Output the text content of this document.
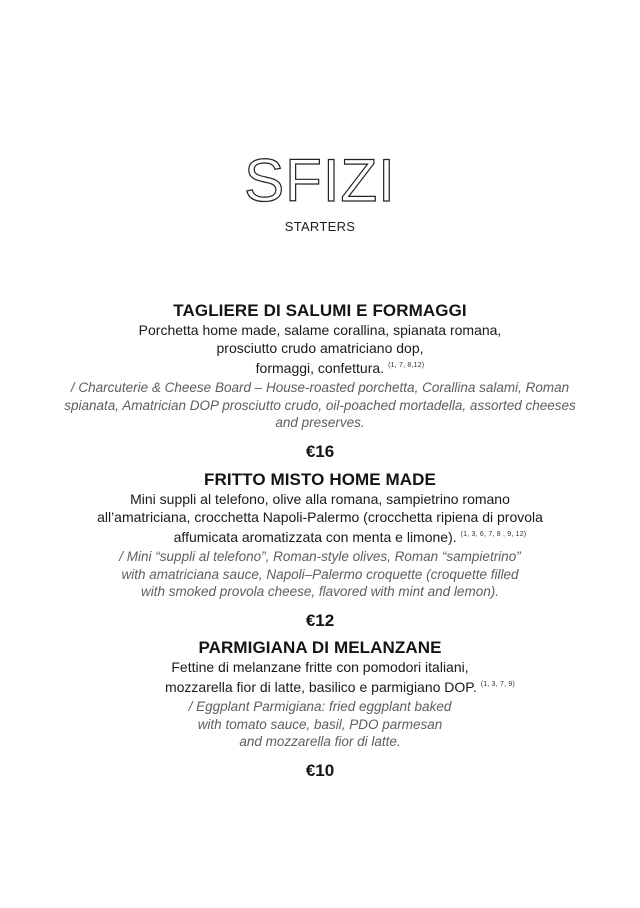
SFIZI
STARTERS
TAGLIERE DI SALUMI E FORMAGGI
Porchetta home made, salame corallina, spianata romana,
prosciutto crudo amatriciano dop,
formaggi, confettura. $^{(1, 7, 8,12)}$
/ Charcuterie & Cheese Board – House-roasted porchetta, Corallina salami, Roman
spianata, Amatrician DOP prosciutto crudo, oil-poached mortadella, assorted cheeses
and preserves.
€16
FRITTO MISTO HOME MADE
Mini suppli al telefono, olive alla romana, sampietrino romano
all’amatriciana, crocchetta Napoli-Palermo (crocchetta ripiena di provola
affumicata aromatizzata con menta e limone). $^{(1, 3, 6, 7, 8 , 9, 12)}$
/ Mini “suppli al telefono”, Roman-style olives, Roman “sampietrino”
with amatriciana sauce, Napoli–Palermo croquette (croquette filled
with smoked provola cheese, flavored with mint and lemon).
€12
PARMIGIANA DI MELANZANE
Fettine di melanzane fritte con pomodori italiani,
mozzarella fior di latte, basilico e parmigiano DOP. $^{(1, 3, 7, 9)}$
/ Eggplant Parmigiana: fried eggplant baked
with tomato sauce, basil, PDO parmesan
and mozzarella fior di latte.
€10
